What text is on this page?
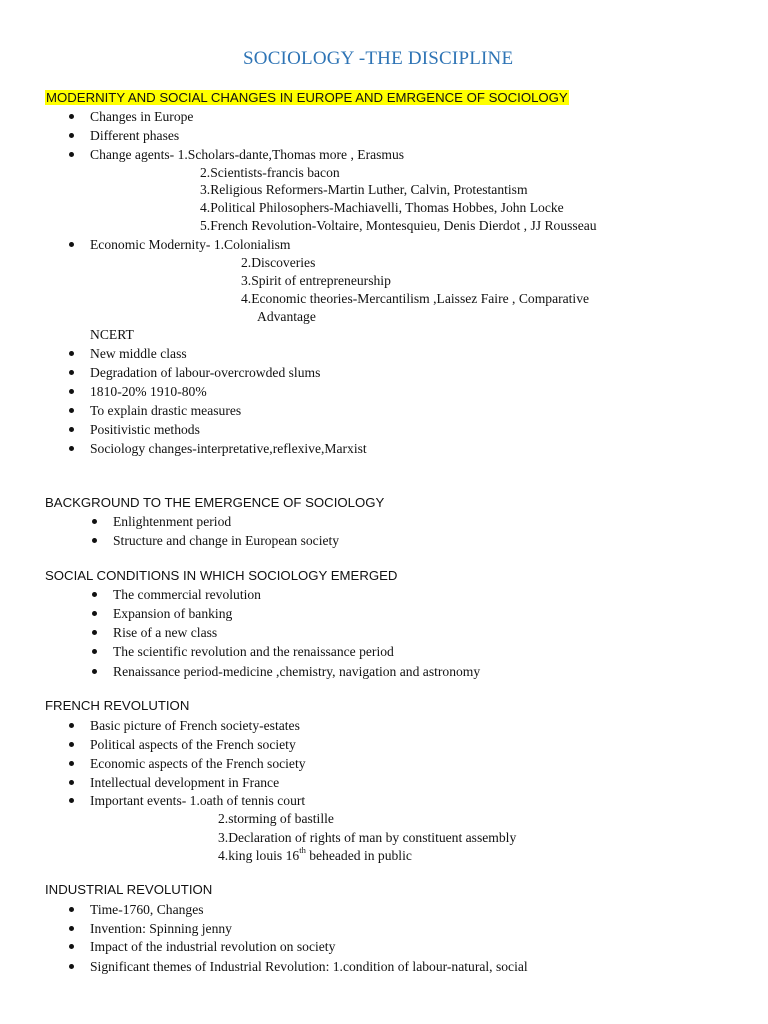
SOCIOLOGY -THE DISCIPLINE
MODERNITY AND SOCIAL CHANGES IN EUROPE AND EMRGENCE OF SOCIOLOGY
Changes in Europe
Different phases
Change agents- 1.Scholars-dante,Thomas more , Erasmus
2.Scientists-francis bacon
3.Religious Reformers-Martin Luther, Calvin, Protestantism
4.Political Philosophers-Machiavelli, Thomas Hobbes, John Locke
5.French Revolution-Voltaire, Montesquieu, Denis Dierdot , JJ Rousseau
Economic Modernity- 1.Colonialism
2.Discoveries
3.Spirit of entrepreneurship
4.Economic theories-Mercantilism ,Laissez Faire , Comparative
Advantage
NCERT
New middle class
Degradation of labour-overcrowded slums
1810-20% 1910-80%
To explain drastic measures
Positivistic methods
Sociology changes-interpretative,reflexive,Marxist
BACKGROUND TO THE EMERGENCE OF SOCIOLOGY
Enlightenment period
Structure and change in European society
SOCIAL CONDITIONS IN WHICH SOCIOLOGY EMERGED
The commercial revolution
Expansion of banking
Rise of a new class
The scientific revolution and the renaissance period
Renaissance period-medicine ,chemistry, navigation and astronomy
FRENCH REVOLUTION
Basic picture of French society-estates
Political aspects of the French society
Economic aspects of the French society
Intellectual development in France
Important events- 1.oath of tennis court
2.storming of bastille
3.Declaration of rights of man by constituent assembly
4.king louis 16th beheaded in public
INDUSTRIAL REVOLUTION
Time-1760, Changes
Invention: Spinning jenny
Impact of the industrial revolution on society
Significant themes of Industrial Revolution: 1.condition of labour-natural, social
